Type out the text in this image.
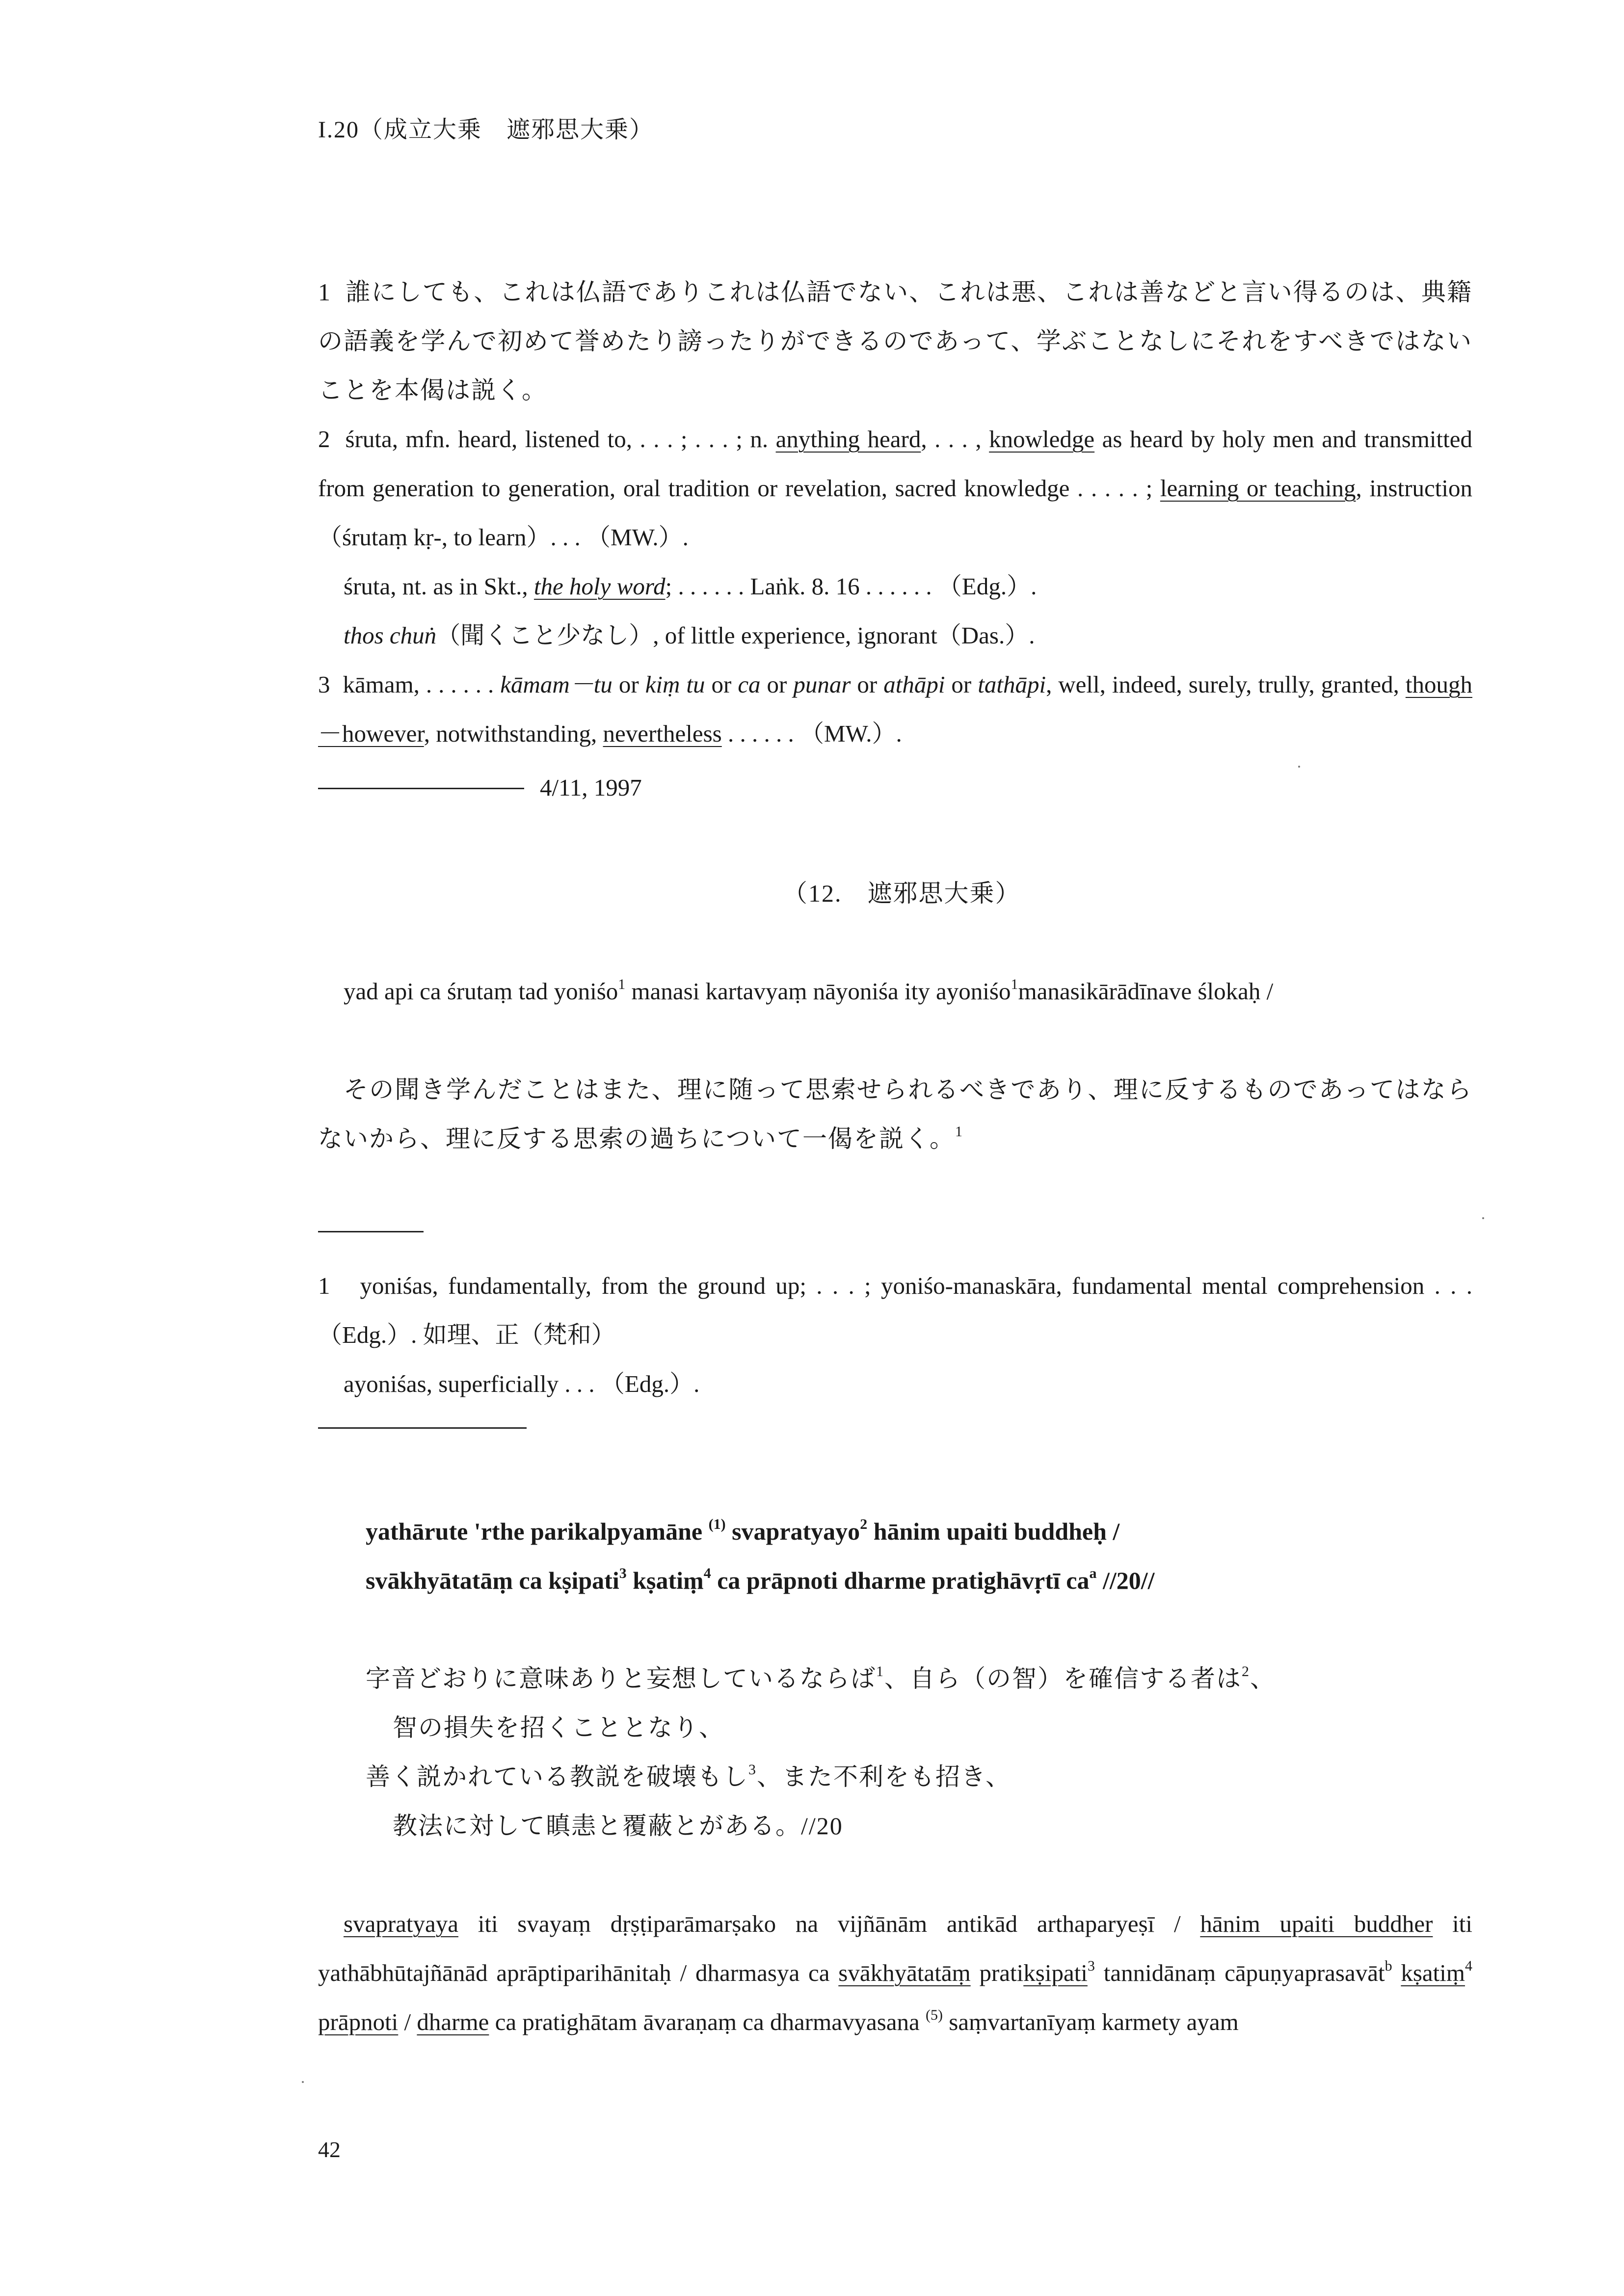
I.20（成立大乗　遮邪思大乗）
1 誰にしても、これは仏語でありこれは仏語でない、これは悪、これは善などと言い得るのは、典籍の語義を学んで初めて誉めたり謗ったりができるのであって、学ぶことなしにそれをすべきではないことを本偈は説く。
2 śruta, mfn. heard, listened to, . . . ; . . . ; n. anything heard, . . . , knowledge as heard by holy men and transmitted from generation to generation, oral tradition or revelation, sacred knowledge . . . . . ; learning or teaching, instruction（śrutaṃ kṛ-, to learn）. . . （MW.）.
śruta, nt. as in Skt., the holy word; . . . . . . Laṅk. 8. 16 . . . . . . （Edg.）.
thos chuṅ（聞くこと少なし）, of little experience, ignorant（Das.）.
3 kāmam, . . . . . . kāmam－tu or kiṃ tu or ca or punar or athāpi or tathāpi, well, indeed, surely, trully, granted, though－however, notwithstanding, nevertheless . . . . . . （MW.）.
4/11, 1997
（12.　遮邪思大乗）
yad api ca śrutaṃ tad yoniśo$^1$ manasi kartavyaṃ nāyoniśa ity ayoniśo$^1$manasikārādīnave ślokaḥ /
その聞き学んだことはまた、理に随って思索せられるべきであり、理に反するものであってはならないから、理に反する思索の過ちについて一偈を説く。$^1$
1 yoniśas, fundamentally, from the ground up; . . . ; yoniśo-manaskāra, fundamental mental comprehension . . . （Edg.）. 如理、正（梵和）
ayoniśas, superficially . . . （Edg.）.
yathārute 'rthe parikalpyamāne $^{(1)}$ svapratyayo$^2$ hānim upaiti buddheḥ /
svākhyātatāṃ ca kṣipati$^3$ kṣatiṃ$^4$ ca prāpnoti dharme pratighāvṛtī $ca^a$ //20//
字音どおりに意味ありと妄想しているならば$^1$、自ら（の智）を確信する者は$^2$、
智の損失を招くこととなり、
善く説かれている教説を破壊もし$^3$、また不利をも招き、
教法に対して瞋恚と覆蔽とがある。//20
svapratyaya iti svayaṃ dṛṣṭiparāmarṣako na vijñānām antikād arthaparyeṣī / hānim upaiti buddher iti yathābhūtajñānād aprāptiparihānitaḥ / dharmasya ca svākhyātatāṃ pratikṣipati$^3$ tannidānaṃ cāpuṇyaprasavāt$^b$ kṣatiṃ$^4$ prāpnoti / dharme ca pratighātam āvaraṇaṃ ca dharmavyasana $^{(5)}$ saṃvartanīyaṃ karmety ayam
42
